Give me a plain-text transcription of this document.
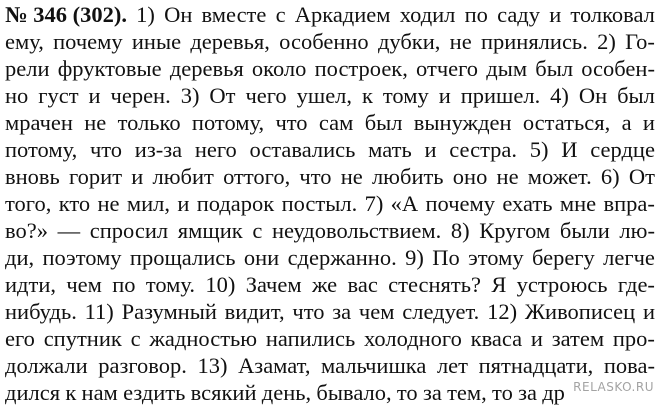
№ 346 (302). 1) Он вместе с Аркадием ходил по саду и толковал
ему, почему иные деревья, особенно дубки, не принялись. 2) Го-
рели фруктовые деревья около построек, отчего дым был особен-
но густ и черен. 3) От чего ушел, к тому и пришел. 4) Он был
мрачен не только потому, что сам был вынужден остаться, а и
потому, что из-за него оставались мать и сестра. 5) И сердце
вновь горит и любит оттого, что не любить оно не может. 6) От
того, кто не мил, и подарок постыл. 7) «А почему ехать мне впра-
во?» — спросил ямщик с неудовольствием. 8) Кругом были лю-
ди, поэтому прощались они сдержанно. 9) По этому берегу легче
идти, чем по тому. 10) Зачем же вас стеснять? Я устроюсь где-
нибудь. 11) Разумный видит, что за чем следует. 12) Живописец и
его спутник с жадностью напились холодного кваса и затем про-
должали разговор. 13) Азамат, мальчишка лет пятнадцати, пова-
дился к нам ездить всякий день, бывало, то за тем, то за др RELASKO.RU
